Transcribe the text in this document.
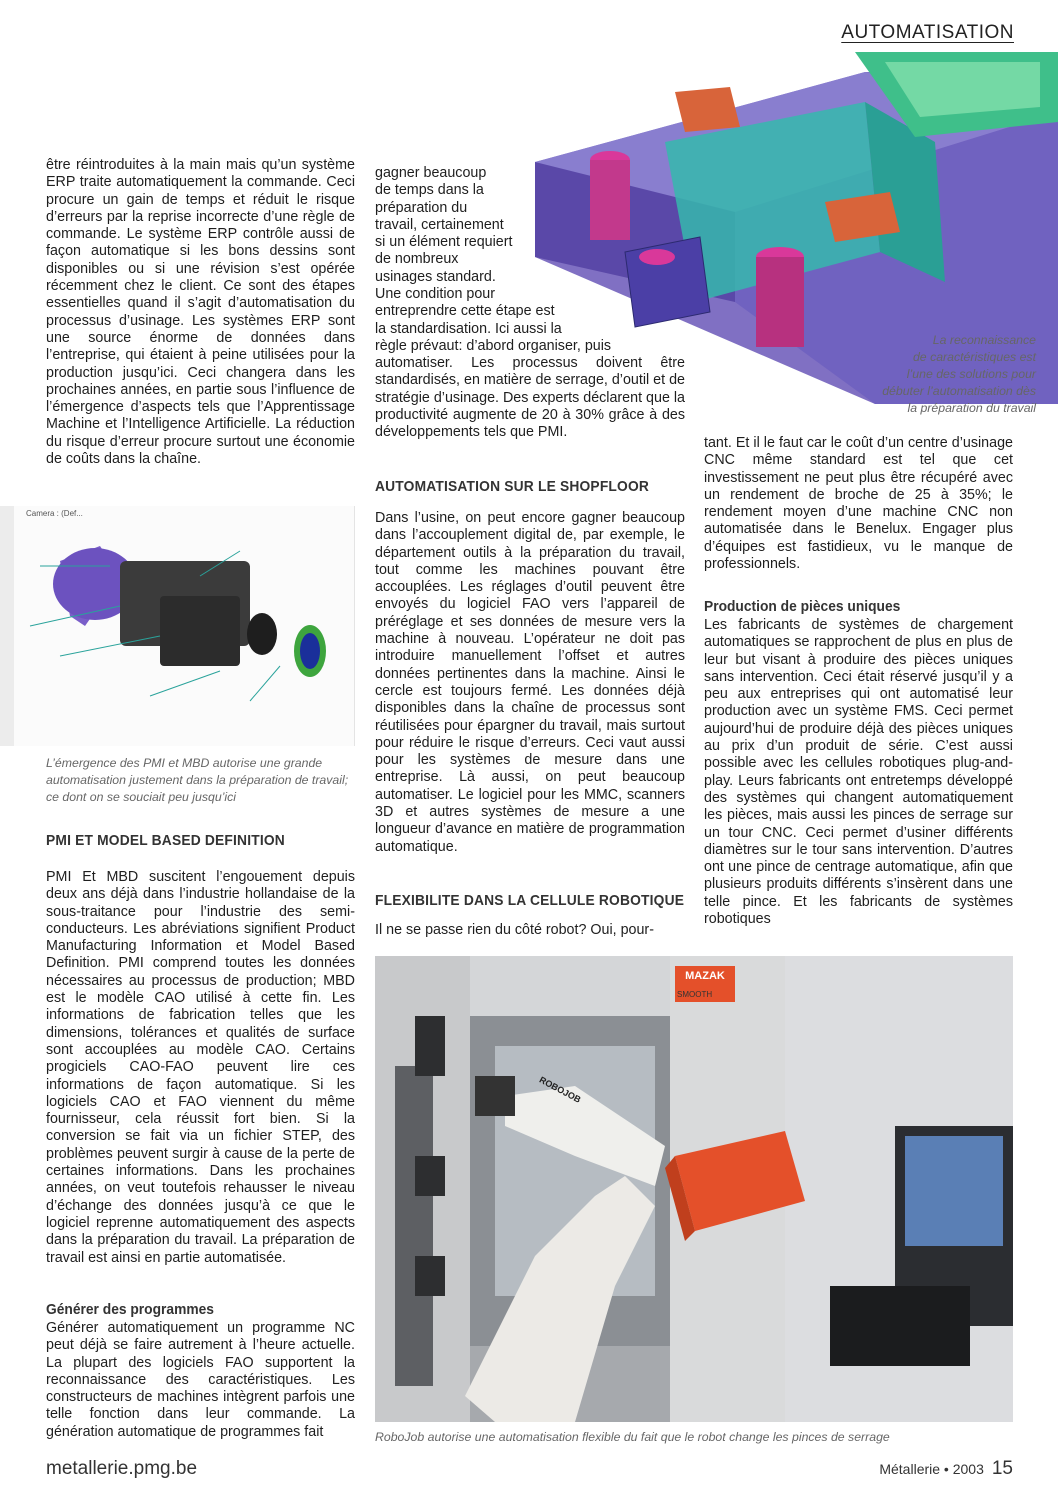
AUTOMATISATION

être réintroduites à la main mais qu’un système ERP traite automatiquement la commande. Ceci procure un gain de temps et réduit le risque d’erreurs par la reprise incorrecte d’une règle de commande. Le système ERP contrôle aussi de façon automatique si les bons dessins sont disponibles ou si une révision s’est opérée récemment chez le client. Ce sont des étapes essentielles quand il s’agit d’automatisation du processus d’usinage. Les systèmes ERP sont une source énorme de données dans l’entreprise, qui étaient à peine utilisées pour la production jusqu’ici. Ceci changera dans les prochaines années, en partie sous l’influence de l’émergence d’aspects tels que l’Apprentissage Machine et l’Intelligence Artificielle. La réduction du risque d’erreur procure surtout une économie de coûts dans la chaîne.

Camera : (Def...
L’émergence des PMI et MBD autorise une grande automatisation justement dans la préparation de travail; ce dont on se souciait peu jusqu’ici
PMI ET MODEL BASED DEFINITION

PMI Et MBD suscitent l’engouement depuis deux ans déjà dans l’industrie hollandaise de la sous-traitance pour l’industrie des semi-conducteurs. Les abréviations signifient Product Manufacturing Information et Model Based Definition. PMI comprend toutes les données nécessaires au processus de production; MBD est le modèle CAO utilisé à cette fin. Les informations de fabrication telles que les dimensions, tolérances et qualités de surface sont accouplées au modèle CAO. Certains progiciels CAO-FAO peuvent lire ces informations de façon automatique. Si les logiciels CAO et FAO viennent du même fournisseur, cela réussit fort bien. Si la conversion se fait via un fichier STEP, des problèmes peuvent surgir à cause de la perte de certaines informations. Dans les prochaines années, on veut toutefois rehausser le niveau d’échange des données jusqu’à ce que le logiciel reprenne automatiquement des aspects dans la préparation du travail. La préparation de travail est ainsi en partie automatisée.

Générer des programmes

Générer automatiquement un programme NC peut déjà se faire autrement à l’heure actuelle. La plupart des logiciels FAO supportent la reconnaissance des caractéristiques. Les constructeurs de machines intègrent parfois une telle fonction dans leur commande. La génération automatique de programmes fait

gagner beaucoup
de temps dans la
préparation du
travail, certainement
si un élément requiert
de nombreux
usinages standard.
Une condition pour
entreprendre cette étape est
la standardisation. Ici aussi la
règle prévaut: d’abord organiser, puis

automatiser. Les processus doivent être standardisés, en matière de serrage, d’outil et de stratégie d’usinage. Des experts déclarent que la productivité augmente de 20 à 30% grâce à des développements tels que PMI.

AUTOMATISATION SUR LE SHOPFLOOR

Dans l’usine, on peut encore gagner beaucoup dans l’accouplement digital de, par exemple, le département outils à la préparation du travail, tout comme les machines pouvant être accouplées. Les réglages d’outil peuvent être envoyés du logiciel FAO vers l’appareil de préréglage et ses données de mesure vers la machine à nouveau. L’opérateur ne doit pas introduire manuellement l’offset et autres données pertinentes dans la machine. Ainsi le cercle est toujours fermé. Les données déjà disponibles dans la chaîne de processus sont réutilisées pour épargner du travail, mais surtout pour réduire le risque d’erreurs. Ceci vaut aussi pour les systèmes de mesure dans une entreprise. Là aussi, on peut beaucoup automatiser. Le logiciel pour les MMC, scanners 3D et autres systèmes de mesure a une longueur d’avance en matière de programmation automatique.

FLEXIBILITE DANS LA CELLULE ROBOTIQUE

Il ne se passe rien du côté robot? Oui, pour-

La reconnaissance
de caractéristiques est
l’une des solutions pour
débuter l’automatisation dès
la préparation du travail

tant. Et il le faut car le coût d’un centre d’usinage CNC même standard est tel que cet investissement ne peut plus être récupéré avec un rendement de broche de 25 à 35%; le rendement moyen d’une machine CNC non automatisée dans le Benelux. Engager plus d’équipes est fastidieux, vu le manque de professionnels.

Production de pièces uniques

Les fabricants de systèmes de chargement automatiques se rapprochent de plus en plus de leur but visant à produire des pièces uniques sans intervention. Ceci était réservé jusqu’il y a peu aux entreprises qui ont automatisé leur production avec un système FMS. Ceci permet aujourd’hui de produire déjà des pièces uniques au prix d’un produit de série. C’est aussi possible avec les cellules robotiques plug-and-play. Leurs fabricants ont entretemps développé des systèmes qui changent automatiquement les pièces, mais aussi les pinces de serrage sur un tour CNC. Ceci permet d’usiner différents diamètres sur le tour sans intervention. D’autres ont une pince de centrage automatique, afin que plusieurs produits différents s’insèrent dans une telle pince. Et les fabricants de systèmes robotiques

MAZAK
SMOOTH
ROBOJOB
RoboJob autorise une automatisation flexible du fait que le robot change les pinces de serrage
metallerie.pmg.be	Métallerie • 2003 15
